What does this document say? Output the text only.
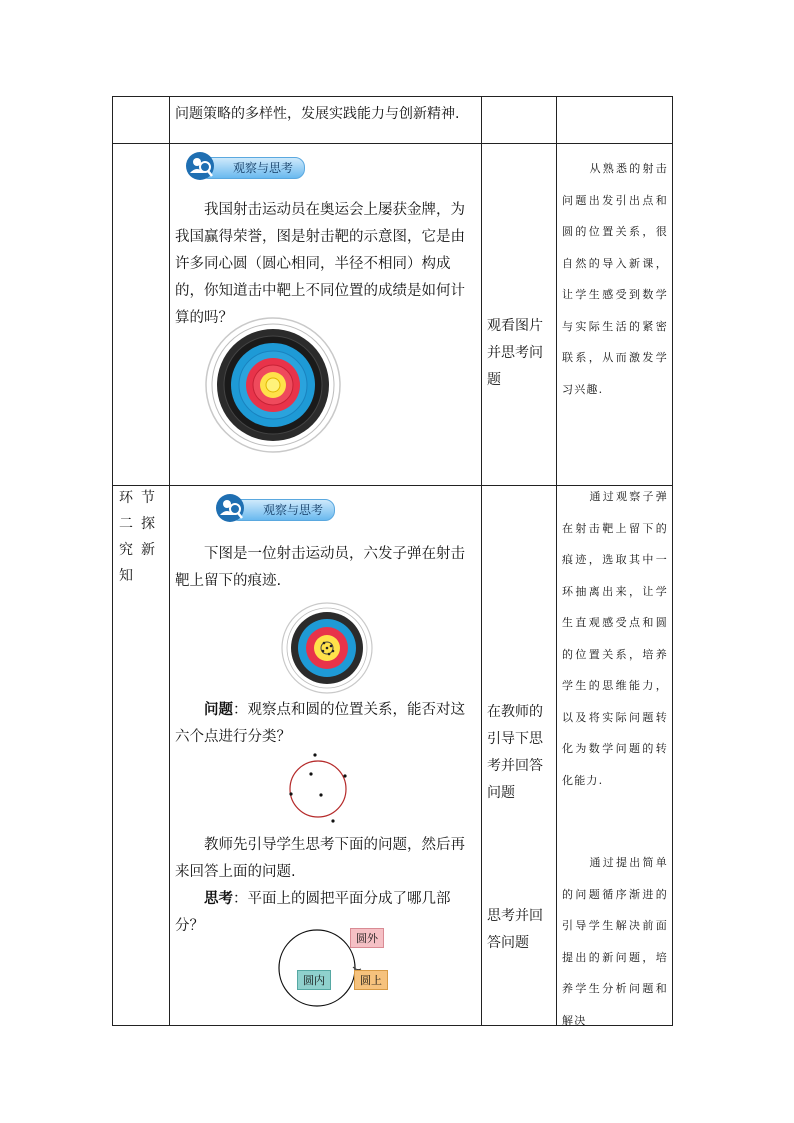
问题策略的多样性，发展实践能力与创新精神.
观察与思考
我国射击运动员在奥运会上屡获金牌，为我国赢得荣誉，图是射击靶的示意图，它是由许多同心圆（圆心相同，半径不相同）构成的，你知道击中靶上不同位置的成绩是如何计算的吗？	观看图片并思考问题
从熟悉的射击问题出发引出点和圆的位置关系，很自然的导入新课，让学生感受到数学与实际生活的紧密联系，从而激发学习兴趣.
环节二探究新知
观察与思考
下图是一位射击运动员，六发子弹在射击靶上留下的痕迹.
问题：观察点和圆的位置关系，能否对这六个点进行分类？
教师先引导学生思考下面的问题，然后再来回答上面的问题.
思考：平面上的圆把平面分成了哪几部分？
圆外
圆内	圆上
在教师的引导下思考并回答问题
思考并回答问题
通过观察子弹在射击靶上留下的痕迹，选取其中一环抽离出来，让学生直观感受点和圆的位置关系，培养学生的思维能力，以及将实际问题转化为数学问题的转化能力.
通过提出简单的问题循序渐进的引导学生解决前面提出的新问题，培养学生分析问题和解决
